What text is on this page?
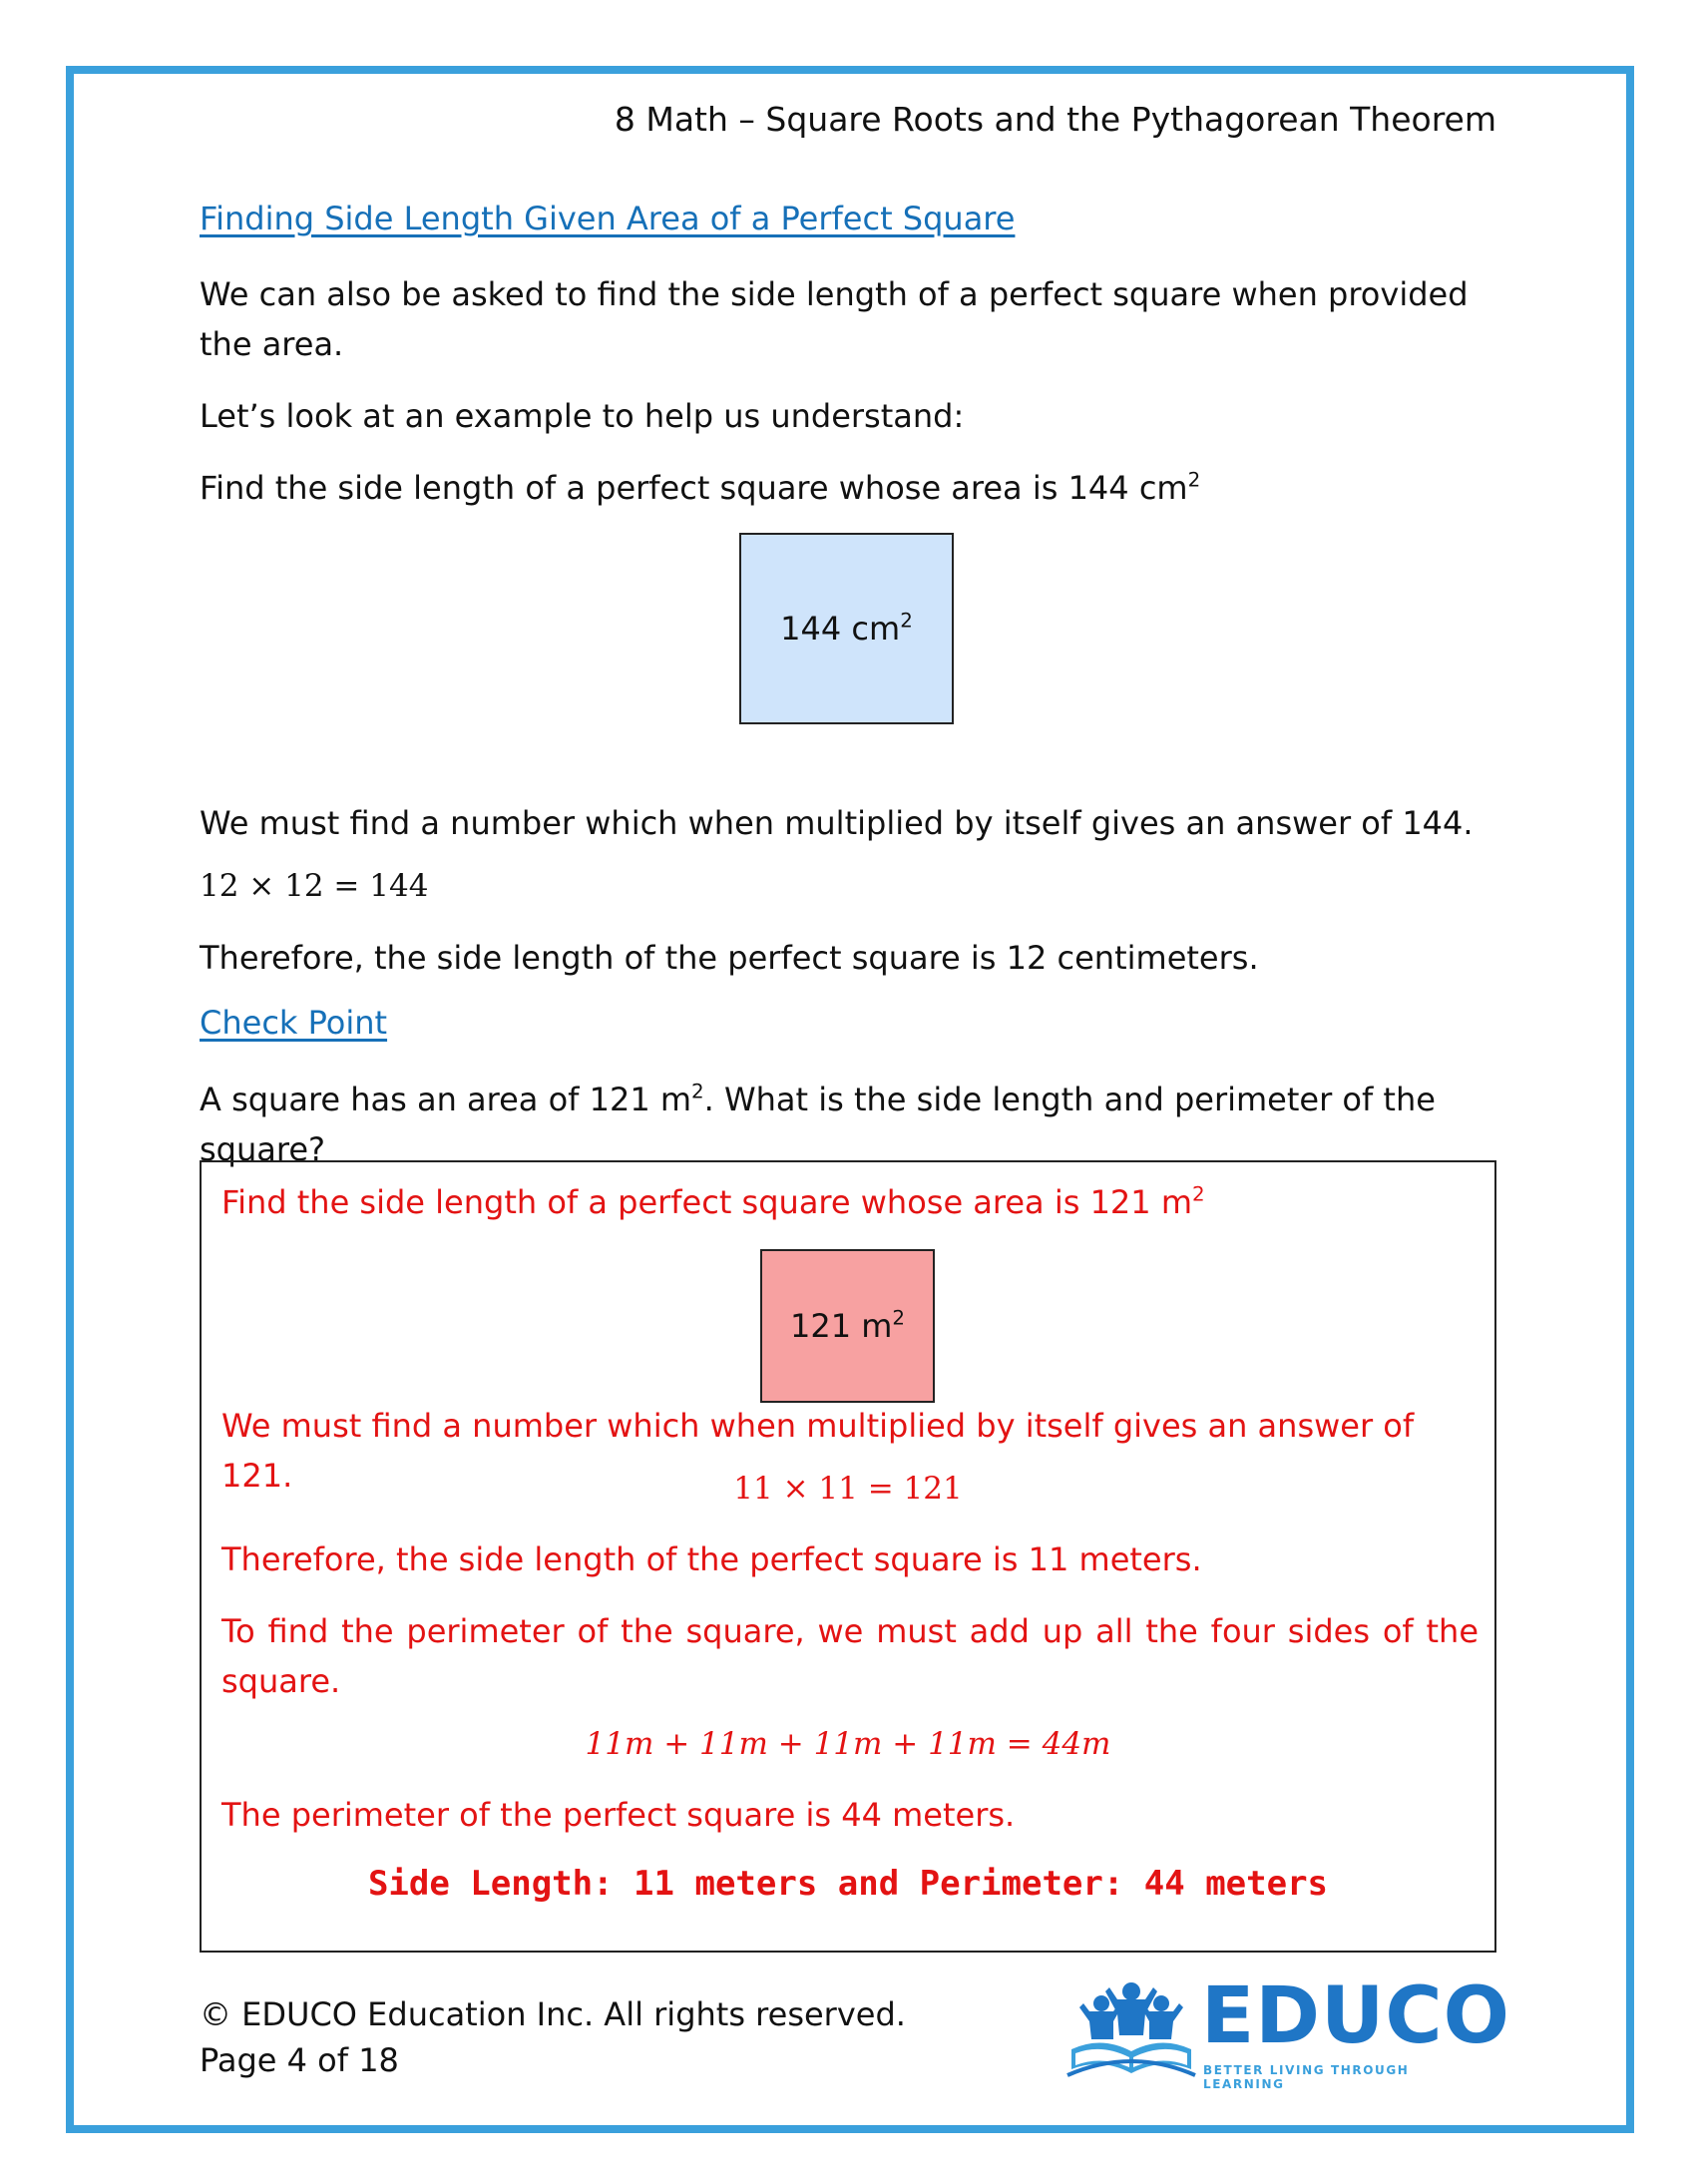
8 Math – Square Roots and the Pythagorean Theorem
Finding Side Length Given Area of a Perfect Square
We can also be asked to find the side length of a perfect square when provided the area.
Let’s look at an example to help us understand:
Find the side length of a perfect square whose area is 144 $cm^2$
144 $cm^2$
We must find a number which when multiplied by itself gives an answer of 144.
12 × 12 = 144
Therefore, the side length of the perfect square is 12 centimeters.
Check Point
A square has an area of 121 $m^2$. What is the side length and perimeter of the square?
Find the side length of a perfect square whose area is 121 $m^2$
121 $m^2$
We must find a number which when multiplied by itself gives an answer of 121.	11 × 11 = 121
Therefore, the side length of the perfect square is 11 meters.
To find the perimeter of the square, we must add up all the four sides of the square.
11m + 11m + 11m + 11m = 44m
The perimeter of the perfect square is 44 meters.
Side Length: 11 meters and Perimeter: 44 meters
© EDUCO Education Inc. All rights reserved.
Page 4 of 18	EDUCO
BETTER LIVING THROUGH LEARNING
